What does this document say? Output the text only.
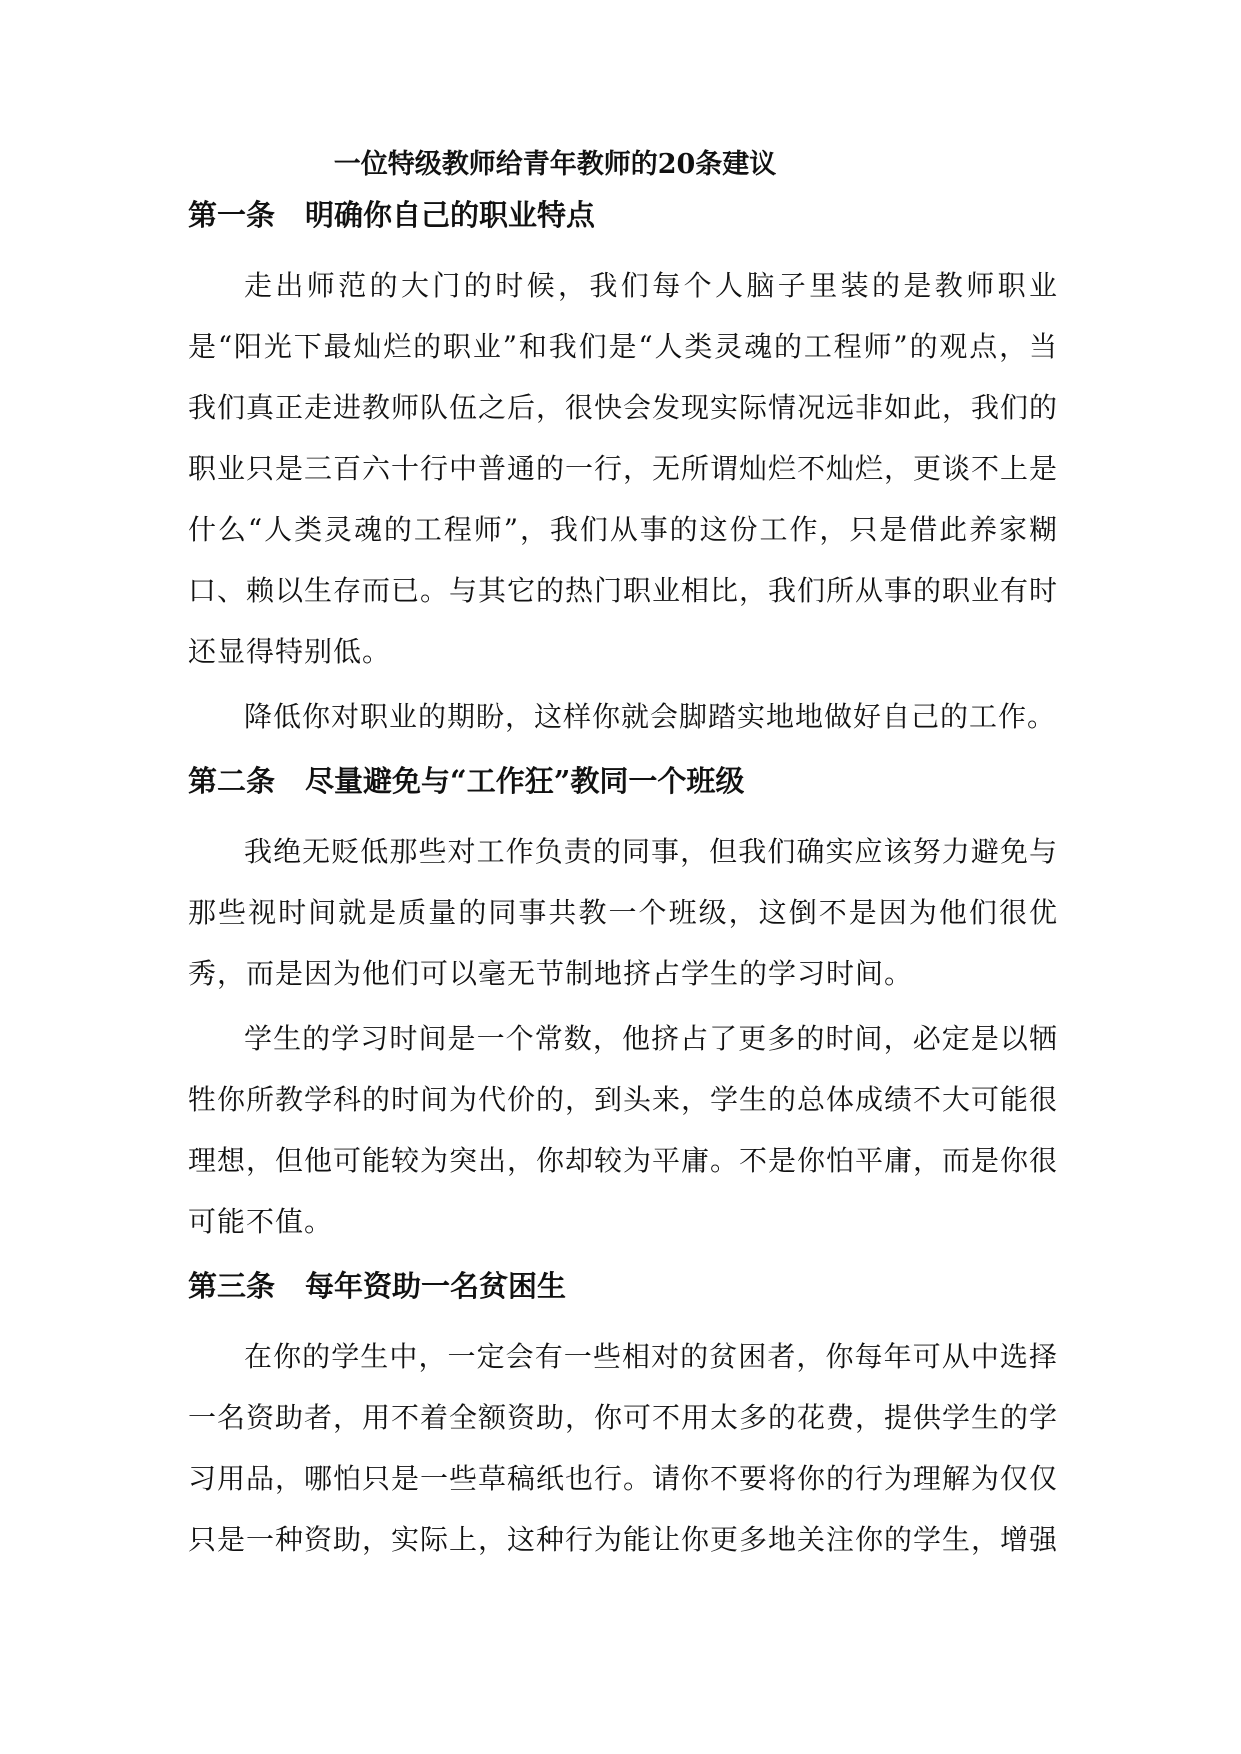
一位特级教师给青年教师的20条建议
第一条 明确你自己的职业特点

走出师范的大门的时候，我们每个人脑子里装的是教师职业是“阳光下最灿烂的职业”和我们是“人类灵魂的工程师”的观点，当我们真正走进教师队伍之后，很快会发现实际情况远非如此，我们的职业只是三百六十行中普通的一行，无所谓灿烂不灿烂，更谈不上是什么“人类灵魂的工程师”，我们从事的这份工作，只是借此养家糊口、赖以生存而已。与其它的热门职业相比，我们所从事的职业有时还显得特别低。

降低你对职业的期盼，这样你就会脚踏实地地做好自己的工作。

第二条 尽量避免与“工作狂”教同一个班级

我绝无贬低那些对工作负责的同事，但我们确实应该努力避免与那些视时间就是质量的同事共教一个班级，这倒不是因为他们很优秀，而是因为他们可以毫无节制地挤占学生的学习时间。

学生的学习时间是一个常数，他挤占了更多的时间，必定是以牺牲你所教学科的时间为代价的，到头来，学生的总体成绩不大可能很理想，但他可能较为突出，你却较为平庸。不是你怕平庸，而是你很可能不值。

第三条 每年资助一名贫困生

在你的学生中，一定会有一些相对的贫困者，你每年可从中选择一名资助者，用不着全额资助，你可不用太多的花费，提供学生的学习用品，哪怕只是一些草稿纸也行。请你不要将你的行为理解为仅仅只是一种资助，实际上，这种行为能让你更多地关注你的学生，增强
